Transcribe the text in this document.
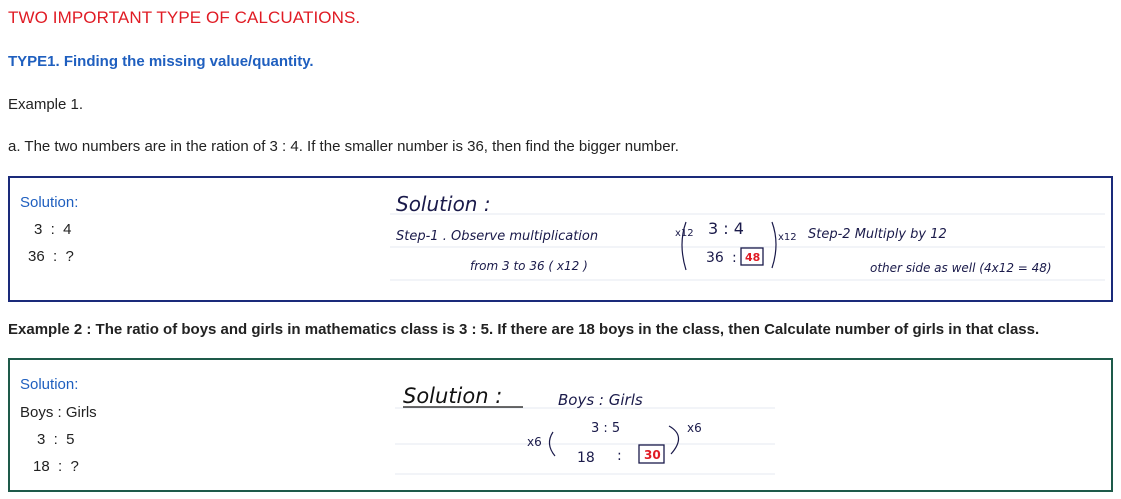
TWO IMPORTANT TYPE OF CALCUATIONS.
TYPE1. Finding the missing value/quantity.
Example 1.
a. The two numbers are in the ration of 3 : 4. If the smaller number is 36, then find the bigger number.
Solution:
3  :  4
36  :  ?
Solution :
Step-1 . Observe multiplication
from 3 to 36 ( x12 )
x12 3 : 4
36 : 48
x12 Step-2 Multiply by 12
other side as well (4x12 = 48)
Example 2 : The ratio of boys and girls in mathematics class is 3 : 5. If there are 18 boys in the class, then Calculate number of girls in that class.
Solution:
Boys : Girls
3  :  5
18  :  ?
Solution :	Boys : Girls
3 : 5
x6
18 : 30
x6
